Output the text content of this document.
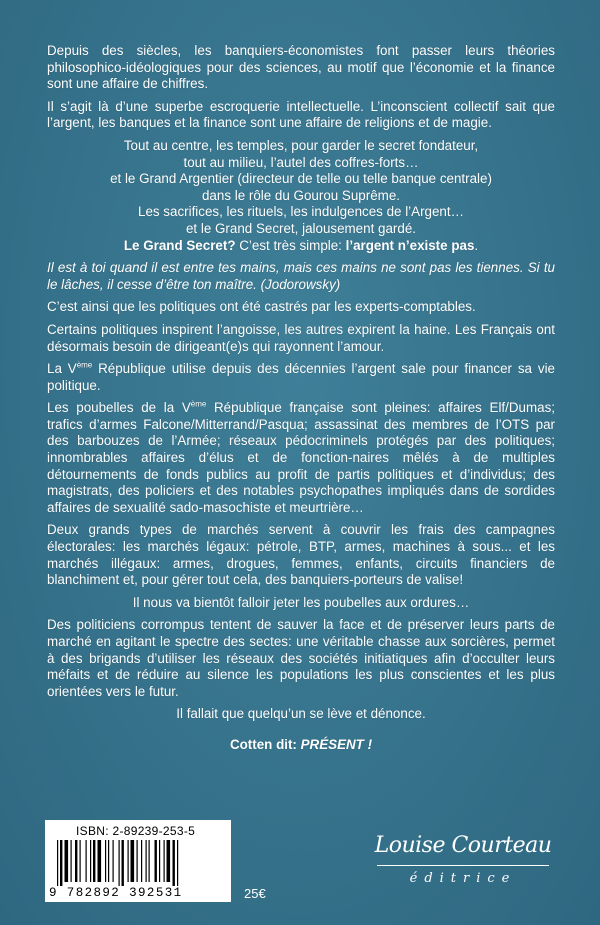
Depuis des siècles, les banquiers-économistes font passer leurs théories philosophico-idéologiques pour des sciences, au motif que l’économie et la finance sont une affaire de chiffres.

Il s’agit là d’une superbe escroquerie intellectuelle. L’inconscient collectif sait que l’argent, les banques et la finance sont une affaire de religions et de magie.

Tout au centre, les temples, pour garder le secret fondateur,

tout au milieu, l’autel des coffres-forts…

et le Grand Argentier (directeur de telle ou telle banque centrale)

dans le rôle du Gourou Suprême.

Les sacrifices, les rituels, les indulgences de l’Argent…

et le Grand Secret, jalousement gardé.

Le Grand Secret? C’est très simple: l’argent n’existe pas.

Il est à toi quand il est entre tes mains, mais ces mains ne sont pas les tiennes. Si tu le lâches, il cesse d’être ton maître. (Jodorowsky)

C’est ainsi que les politiques ont été castrés par les experts-comptables.

Certains politiques inspirent l’angoisse, les autres expirent la haine. Les Français ont désormais besoin de dirigeant(e)s qui rayonnent l’amour.

La Vème République utilise depuis des décennies l’argent sale pour financer sa vie politique.

Les poubelles de la Vème République française sont pleines: affaires Elf/Dumas; trafics d’armes Falcone/Mitterrand/Pasqua; assassinat des membres de l’OTS par des barbouzes de l’Armée; réseaux pédocriminels protégés par des politiques; innombrables affaires d’élus et de fonction-naires mêlés à de multiples détournements de fonds publics au profit de partis politiques et d’individus; des magistrats, des policiers et des notables psychopathes impliqués dans de sordides affaires de sexualité sado-masochiste et meurtrière…

Deux grands types de marchés servent à couvrir les frais des campagnes électorales: les marchés légaux: pétrole, BTP, armes, machines à sous... et les marchés illégaux: armes, drogues, femmes, enfants, circuits financiers de blanchiment et, pour gérer tout cela, des banquiers-porteurs de valise!

Il nous va bientôt falloir jeter les poubelles aux ordures…

Des politiciens corrompus tentent de sauver la face et de préserver leurs parts de marché en agitant le spectre des sectes: une véritable chasse aux sorcières, permet à des brigands d’utiliser les réseaux des sociétés initiatiques afin d’occulter leurs méfaits et de réduire au silence les populations les plus conscientes et les plus orientées vers le futur.

Il fallait que quelqu’un se lève et dénonce.

Cotten dit: PRÉSENT !

ISBN: 2-89239-253-5
9 782892 392531	25€
Louise Courteau
éditrice
